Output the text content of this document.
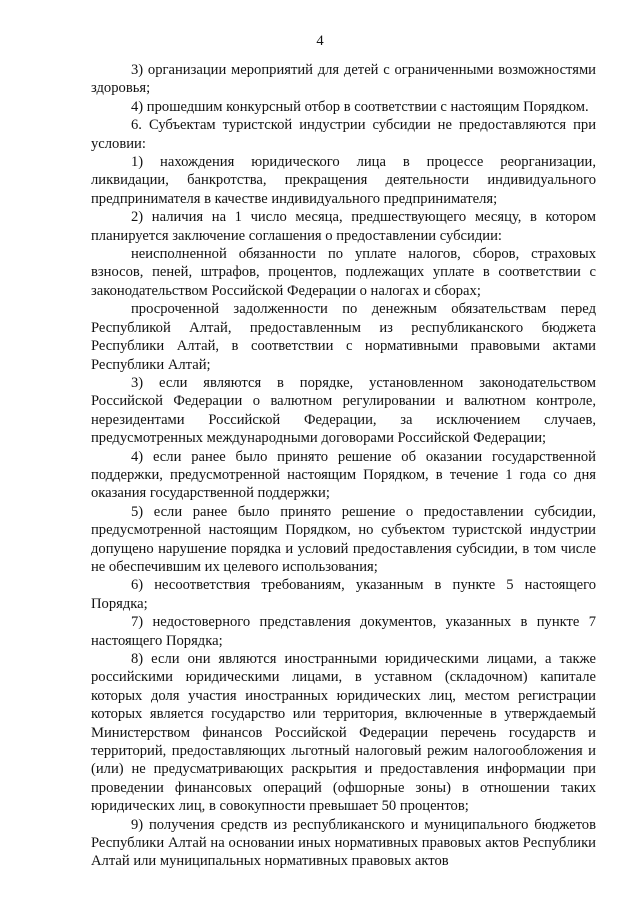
4

3) организации мероприятий для детей с ограниченными возможностями здоровья;

4) прошедшим конкурсный отбор в соответствии с настоящим Порядком.

6. Субъектам туристской индустрии субсидии не предоставляются при условии:

1) нахождения юридического лица в процессе реорганизации, ликвидации, банкротства, прекращения деятельности индивидуального предпринимателя в качестве индивидуального предпринимателя;

2) наличия на 1 число месяца, предшествующего месяцу, в котором планируется заключение соглашения о предоставлении субсидии:

неисполненной обязанности по уплате налогов, сборов, страховых взносов, пеней, штрафов, процентов, подлежащих уплате в соответствии с законодательством Российской Федерации о налогах и сборах;

просроченной задолженности по денежным обязательствам перед Республикой Алтай, предоставленным из республиканского бюджета Республики Алтай, в соответствии с нормативными правовыми актами Республики Алтай;

3) если являются в порядке, установленном законодательством Российской Федерации о валютном регулировании и валютном контроле, нерезидентами Российской Федерации, за исключением случаев, предусмотренных международными договорами Российской Федерации;

4) если ранее было принято решение об оказании государственной поддержки, предусмотренной настоящим Порядком, в течение 1 года со дня оказания государственной поддержки;

5) если ранее было принято решение о предоставлении субсидии, предусмотренной настоящим Порядком, но субъектом туристской индустрии допущено нарушение порядка и условий предоставления субсидии, в том числе не обеспечившим их целевого использования;

6) несоответствия требованиям, указанным в пункте 5 настоящего Порядка;

7) недостоверного представления документов, указанных в пункте 7 настоящего Порядка;

8) если они являются иностранными юридическими лицами, а также российскими юридическими лицами, в уставном (складочном) капитале которых доля участия иностранных юридических лиц, местом регистрации которых является государство или территория, включенные в утверждаемый Министерством финансов Российской Федерации перечень государств и территорий, предоставляющих льготный налоговый режим налогообложения и (или) не предусматривающих раскрытия и предоставления информации при проведении финансовых операций (офшорные зоны) в отношении таких юридических лиц, в совокупности превышает 50 процентов;

9) получения средств из республиканского и муниципального бюджетов Республики Алтай на основании иных нормативных правовых актов Республики Алтай или муниципальных нормативных правовых актов
